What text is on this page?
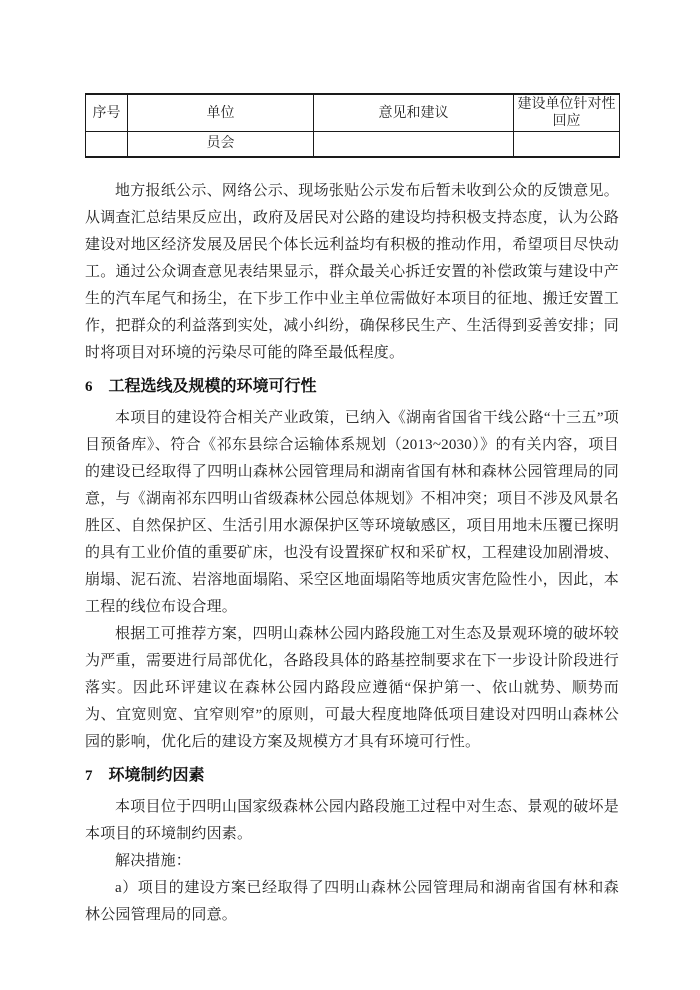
序号	单位	意见和建议	建设单位针对性回应
	员会		

地方报纸公示、网络公示、现场张贴公示发布后暂未收到公众的反馈意见。从调查汇总结果反应出，政府及居民对公路的建设均持积极支持态度，认为公路建设对地区经济发展及居民个体长远利益均有积极的推动作用，希望项目尽快动工。通过公众调查意见表结果显示，群众最关心拆迁安置的补偿政策与建设中产生的汽车尾气和扬尘，在下步工作中业主单位需做好本项目的征地、搬迁安置工作，把群众的利益落到实处，减小纠纷，确保移民生产、生活得到妥善安排；同时将项目对环境的污染尽可能的降至最低程度。

6 工程选线及规模的环境可行性

本项目的建设符合相关产业政策，已纳入《湖南省国省干线公路“十三五”项目预备库》、符合《祁东县综合运输体系规划（2013~2030）》的有关内容，项目的建设已经取得了四明山森林公园管理局和湖南省国有林和森林公园管理局的同意，与《湖南祁东四明山省级森林公园总体规划》不相冲突；项目不涉及风景名胜区、自然保护区、生活引用水源保护区等环境敏感区，项目用地未压覆已探明的具有工业价值的重要矿床，也没有设置探矿权和采矿权，工程建设加剧滑坡、崩塌、泥石流、岩溶地面塌陷、采空区地面塌陷等地质灾害危险性小，因此，本工程的线位布设合理。

根据工可推荐方案，四明山森林公园内路段施工对生态及景观环境的破坏较为严重，需要进行局部优化，各路段具体的路基控制要求在下一步设计阶段进行落实。因此环评建议在森林公园内路段应遵循“保护第一、依山就势、顺势而为、宜宽则宽、宜窄则窄”的原则，可最大程度地降低项目建设对四明山森林公园的影响，优化后的建设方案及规模方才具有环境可行性。

7 环境制约因素

本项目位于四明山国家级森林公园内路段施工过程中对生态、景观的破坏是本项目的环境制约因素。

解决措施：

a）项目的建设方案已经取得了四明山森林公园管理局和湖南省国有林和森林公园管理局的同意。
